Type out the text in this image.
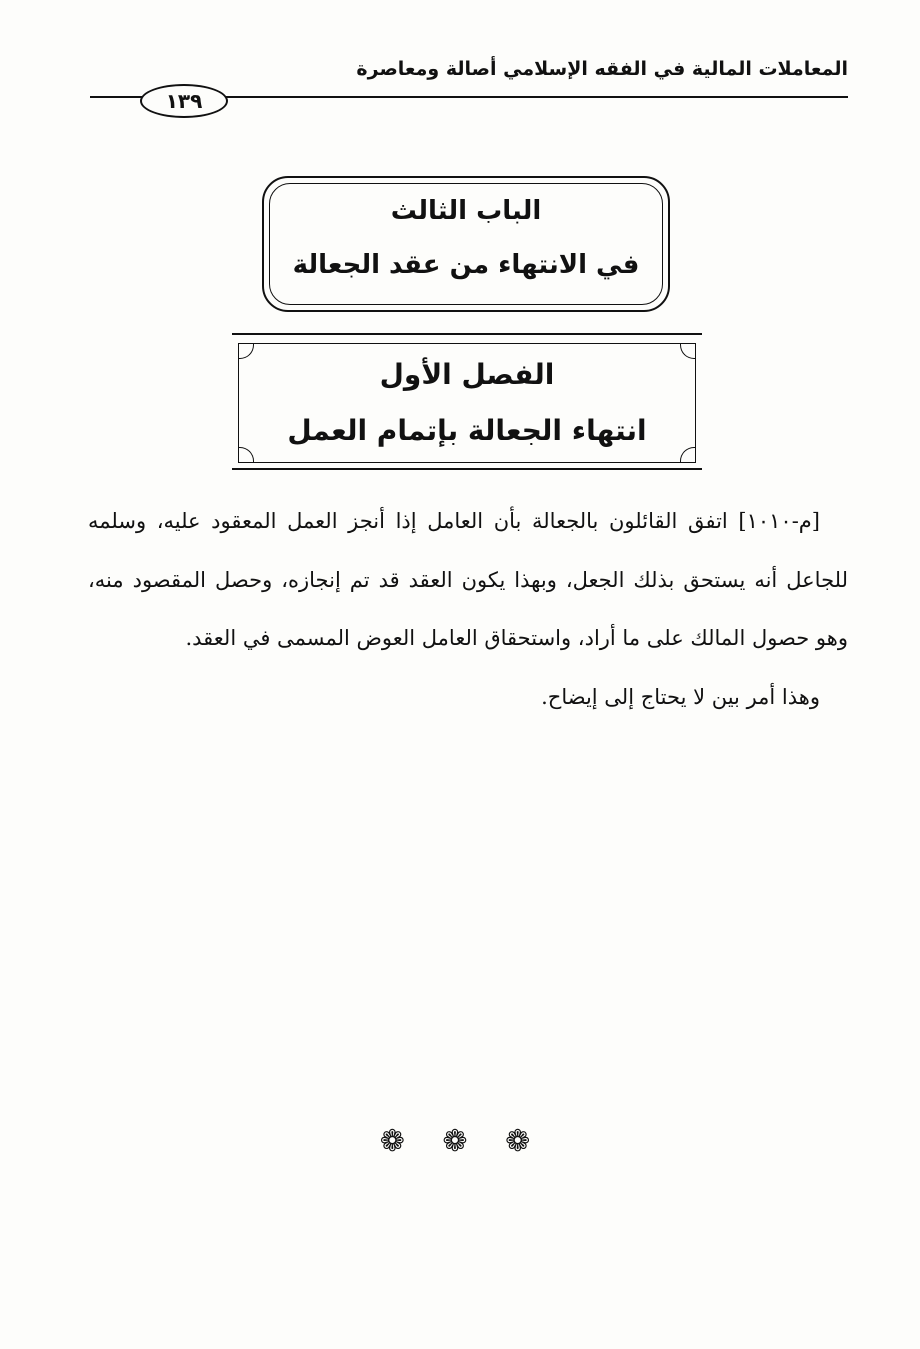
المعاملات المالية في الفقه الإسلامي أصالة ومعاصرة
١٣٩
الباب الثالث
في الانتهاء من عقد الجعالة
الفصل الأول
انتهاء الجعالة بإتمام العمل

[م-١٠١٠] اتفق القائلون بالجعالة بأن العامل إذا أنجز العمل المعقود عليه، وسلمه للجاعل أنه يستحق بذلك الجعل، وبهذا يكون العقد قد تم إنجازه، وحصل المقصود منه، وهو حصول المالك على ما أراد، واستحقاق العامل العوض المسمى في العقد.

وهذا أمر بين لا يحتاج إلى إيضاح.

❁ ❁ ❁
